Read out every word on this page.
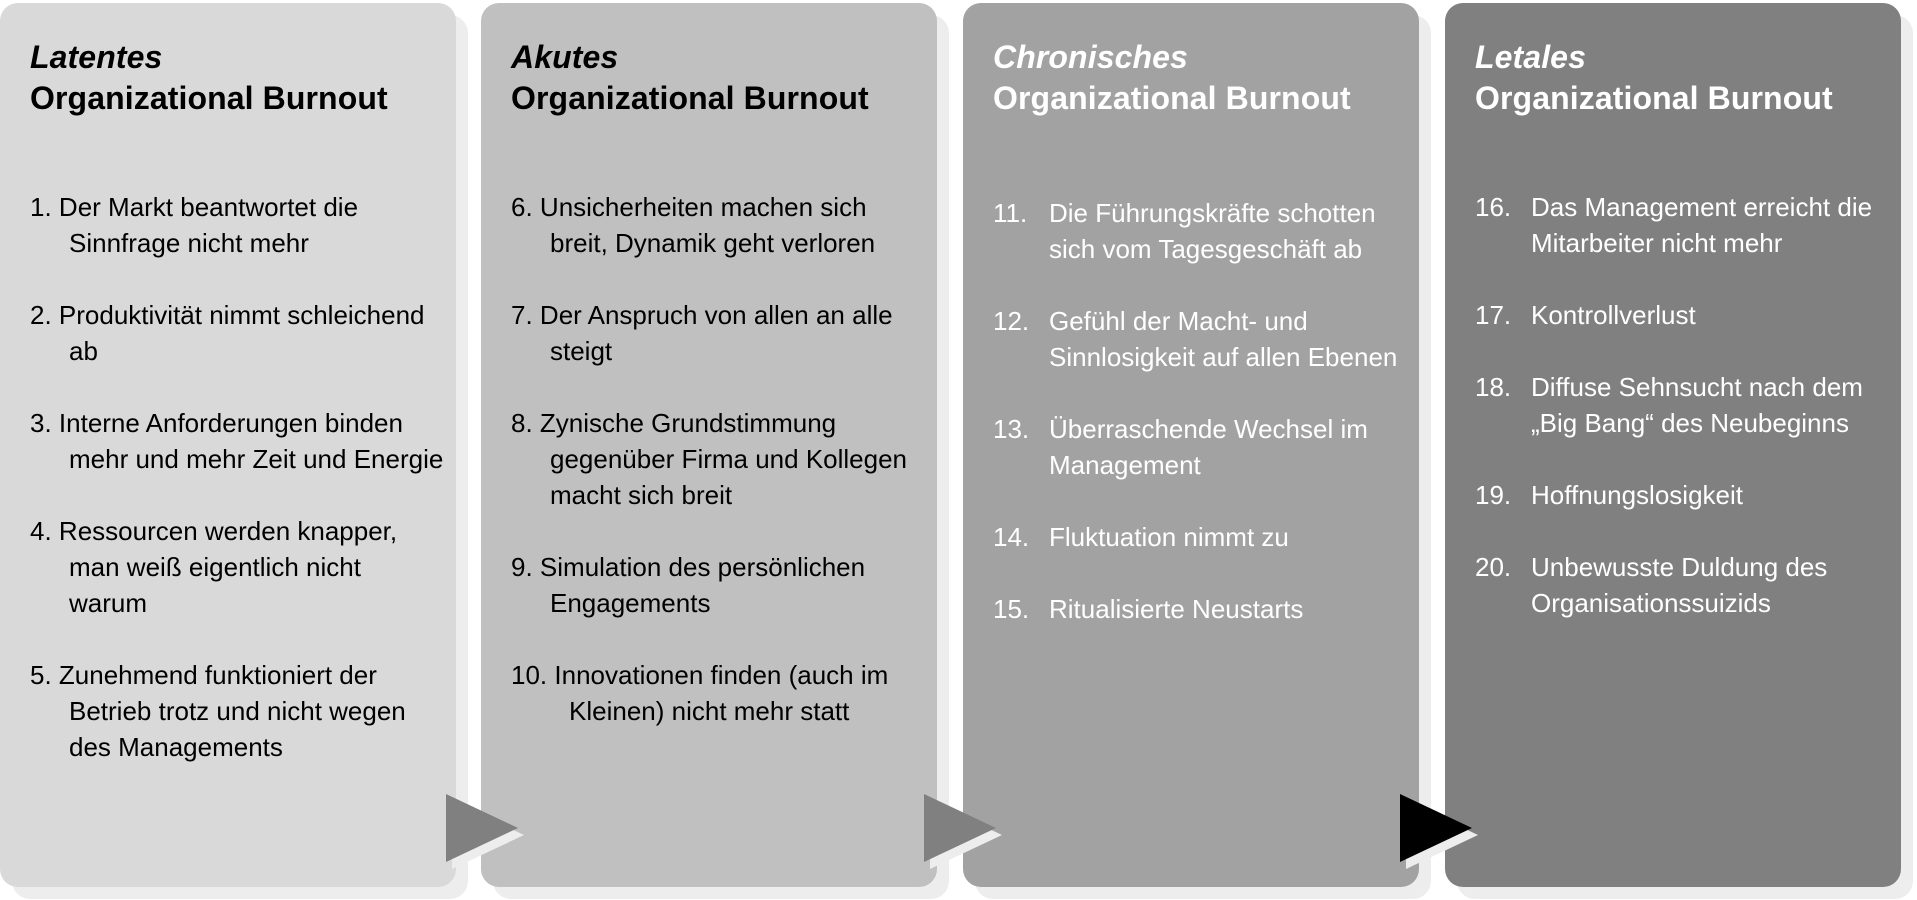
Latentes
Organizational Burnout
1. Der Markt beantwortet die Sinnfrage nicht mehr
2. Produktivität nimmt schleichend ab
3. Interne Anforderungen binden mehr und mehr Zeit und Energie
4. Ressourcen werden knapper, man weiß eigentlich nicht warum
5. Zunehmend funktioniert der Betrieb trotz und nicht wegen des Managements
Akutes
Organizational Burnout
6. Unsicherheiten machen sich breit, Dynamik geht verloren
7. Der Anspruch von allen an alle steigt
8. Zynische Grundstimmung gegenüber Firma und Kollegen macht sich breit
9. Simulation des persönlichen Engagements
10. Innovationen finden (auch im Kleinen) nicht mehr statt
Chronisches
Organizational Burnout
11. Die Führungskräfte schotten sich vom Tagesgeschäft ab
12. Gefühl der Macht- und Sinnlosigkeit auf allen Ebenen
13. Überraschende Wechsel im Management
14. Fluktuation nimmt zu
15. Ritualisierte Neustarts
Letales
Organizational Burnout
16. Das Management erreicht die Mitarbeiter nicht mehr
17. Kontrollverlust
18. Diffuse Sehnsucht nach dem „Big Bang“ des Neubeginns
19. Hoffnungslosigkeit
20. Unbewusste Duldung des Organisationssuizids
